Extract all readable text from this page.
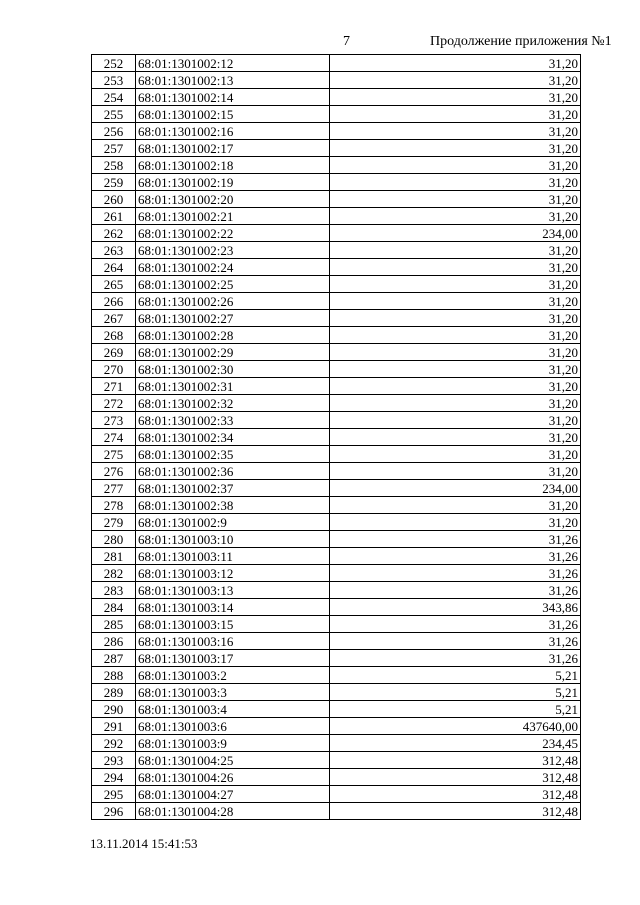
7	Продолжение приложения №1
252	68:01:1301002:12	31,20
253	68:01:1301002:13	31,20
254	68:01:1301002:14	31,20
255	68:01:1301002:15	31,20
256	68:01:1301002:16	31,20
257	68:01:1301002:17	31,20
258	68:01:1301002:18	31,20
259	68:01:1301002:19	31,20
260	68:01:1301002:20	31,20
261	68:01:1301002:21	31,20
262	68:01:1301002:22	234,00
263	68:01:1301002:23	31,20
264	68:01:1301002:24	31,20
265	68:01:1301002:25	31,20
266	68:01:1301002:26	31,20
267	68:01:1301002:27	31,20
268	68:01:1301002:28	31,20
269	68:01:1301002:29	31,20
270	68:01:1301002:30	31,20
271	68:01:1301002:31	31,20
272	68:01:1301002:32	31,20
273	68:01:1301002:33	31,20
274	68:01:1301002:34	31,20
275	68:01:1301002:35	31,20
276	68:01:1301002:36	31,20
277	68:01:1301002:37	234,00
278	68:01:1301002:38	31,20
279	68:01:1301002:9	31,20
280	68:01:1301003:10	31,26
281	68:01:1301003:11	31,26
282	68:01:1301003:12	31,26
283	68:01:1301003:13	31,26
284	68:01:1301003:14	343,86
285	68:01:1301003:15	31,26
286	68:01:1301003:16	31,26
287	68:01:1301003:17	31,26
288	68:01:1301003:2	5,21
289	68:01:1301003:3	5,21
290	68:01:1301003:4	5,21
291	68:01:1301003:6	437640,00
292	68:01:1301003:9	234,45
293	68:01:1301004:25	312,48
294	68:01:1301004:26	312,48
295	68:01:1301004:27	312,48
296	68:01:1301004:28	312,48
13.11.2014 15:41:53
